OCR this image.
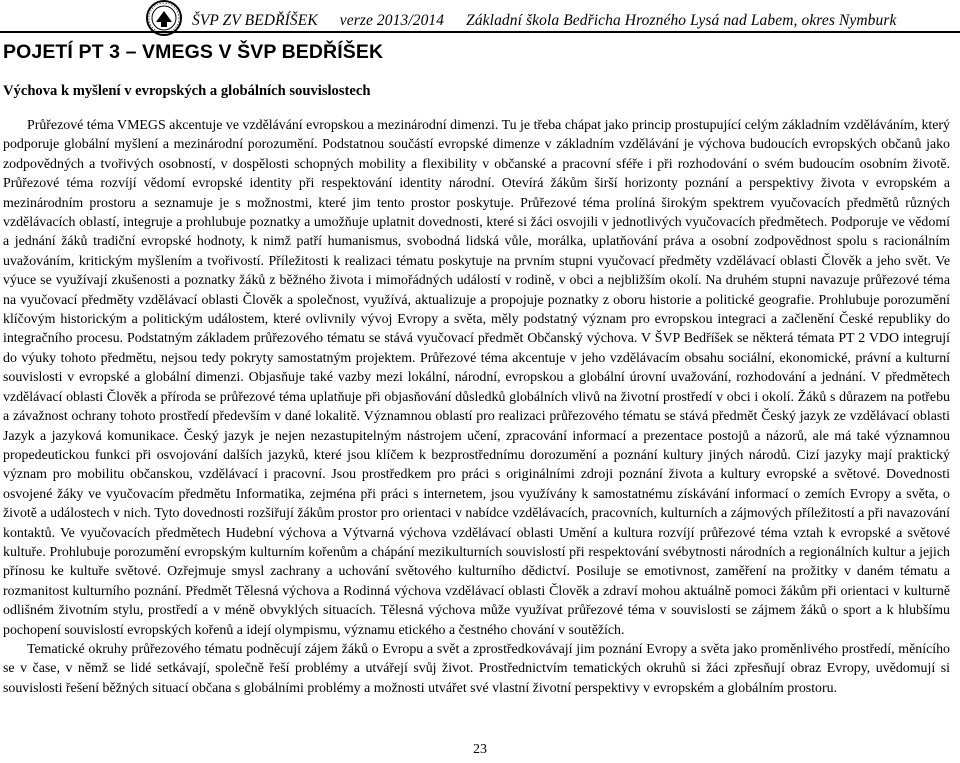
ŠVP ZV BEDŘÍŠEK verze 2013/2014 Základní škola Bedřicha Hrozného Lysá nad Labem, okres Nymburk
POJETÍ PT 3 – VMEGS V ŠVP BEDŘÍŠEK
Výchova k myšlení v evropských a globálních souvislostech

Průřezové téma VMEGS akcentuje ve vzdělávání evropskou a mezinárodní dimenzi. Tu je třeba chápat jako princip prostupující celým základním vzděláváním, který podporuje globální myšlení a mezinárodní porozumění. Podstatnou součástí evropské dimenze v základním vzdělávání je výchova budoucích evropských občanů jako zodpovědných a tvořivých osobností, v dospělosti schopných mobility a flexibility v občanské a pracovní sféře i při rozhodování o svém budoucím osobním životě. Průřezové téma rozvíjí vědomí evropské identity při respektování identity národní. Otevírá žákům širší horizonty poznání a perspektivy života v evropském a mezinárodním prostoru a seznamuje je s možnostmi, které jim tento prostor poskytuje. Průřezové téma prolíná širokým spektrem vyučovacích předmětů různých vzdělávacích oblastí, integruje a prohlubuje poznatky a umožňuje uplatnit dovednosti, které si žáci osvojili v jednotlivých vyučovacích předmětech. Podporuje ve vědomí a jednání žáků tradiční evropské hodnoty, k nimž patří humanismus, svobodná lidská vůle, morálka, uplatňování práva a osobní zodpovědnost spolu s racionálním uvažováním, kritickým myšlením a tvořivostí. Příležitosti k realizaci tématu poskytuje na prvním stupni vyučovací předměty vzdělávací oblasti Člověk a jeho svět. Ve výuce se využívají zkušenosti a poznatky žáků z běžného života i mimořádných událostí v rodině, v obci a nejbližším okolí. Na druhém stupni navazuje průřezové téma na vyučovací předměty vzdělávací oblasti Člověk a společnost, využívá, aktualizuje a propojuje poznatky z oboru historie a politické geografie. Prohlubuje porozumění klíčovým historickým a politickým událostem, které ovlivnily vývoj Evropy a světa, měly podstatný význam pro evropskou integraci a začlenění České republiky do integračního procesu. Podstatným základem průřezového tématu se stává vyučovací předmět Občanský výchova. V ŠVP Bedříšek se některá témata PT 2 VDO integrují do výuky tohoto předmětu, nejsou tedy pokryty samostatným projektem. Průřezové téma akcentuje v jeho vzdělávacím obsahu sociální, ekonomické, právní a kulturní souvislosti v evropské a globální dimenzi. Objasňuje také vazby mezi lokální, národní, evropskou a globální úrovní uvažování, rozhodování a jednání. V předmětech vzdělávací oblasti Člověk a příroda se průřezové téma uplatňuje při objasňování důsledků globálních vlivů na životní prostředí v obci i okolí. Žáků s důrazem na potřebu a závažnost ochrany tohoto prostředí především v dané lokalitě. Významnou oblastí pro realizaci průřezového tématu se stává předmět Český jazyk ze vzdělávací oblasti Jazyk a jazyková komunikace. Český jazyk je nejen nezastupitelným nástrojem učení, zpracování informací a prezentace postojů a názorů, ale má také významnou propedeutickou funkci při osvojování dalších jazyků, které jsou klíčem k bezprostřednímu dorozumění a poznání kultury jiných národů. Cizí jazyky mají praktický význam pro mobilitu občanskou, vzdělávací i pracovní. Jsou prostředkem pro práci s originálními zdroji poznání života a kultury evropské a světové. Dovednosti osvojené žáky ve vyučovacím předmětu Informatika, zejména při práci s internetem, jsou využívány k samostatnému získávání informací o zemích Evropy a světa, o životě a událostech v nich. Tyto dovednosti rozšiřují žákům prostor pro orientaci v nabídce vzdělávacích, pracovních, kulturních a zájmových příležitostí a při navazování kontaktů. Ve vyučovacích předmětech Hudební výchova a Výtvarná výchova vzdělávací oblasti Umění a kultura rozvíjí průřezové téma vztah k evropské a světové kultuře. Prohlubuje porozumění evropským kulturním kořenům a chápání mezikulturních souvislostí při respektování svébytnosti národních a regionálních kultur a jejich přínosu ke kultuře světové. Ozřejmuje smysl zachrany a uchování světového kulturního dědictví. Posiluje se emotivnost, zaměření na prožitky v daném tématu a rozmanitost kulturního poznání. Předmět Tělesná výchova a Rodinná výchova vzdělávací oblasti Člověk a zdraví mohou aktuálně pomoci žákům při orientaci v kulturně odlišném životním stylu, prostředí a v méně obvyklých situacích. Tělesná výchova může využívat průřezové téma v souvislosti se zájmem žáků o sport a k hlubšímu pochopení souvislostí evropských kořenů a idejí olympismu, významu etického a čestného chování v soutěžích.

Tematické okruhy průřezového tématu podněcují zájem žáků o Evropu a svět a zprostředkovávají jim poznání Evropy a světa jako proměnlivého prostředí, měnícího se v čase, v němž se lidé setkávají, společně řeší problémy a utvářejí svůj život. Prostřednictvím tematických okruhů si žáci zpřesňují obraz Evropy, uvědomují si souvislosti řešení běžných situací občana s globálními problémy a možnosti utvářet své vlastní životní perspektivy v evropském a globálním prostoru.

23
